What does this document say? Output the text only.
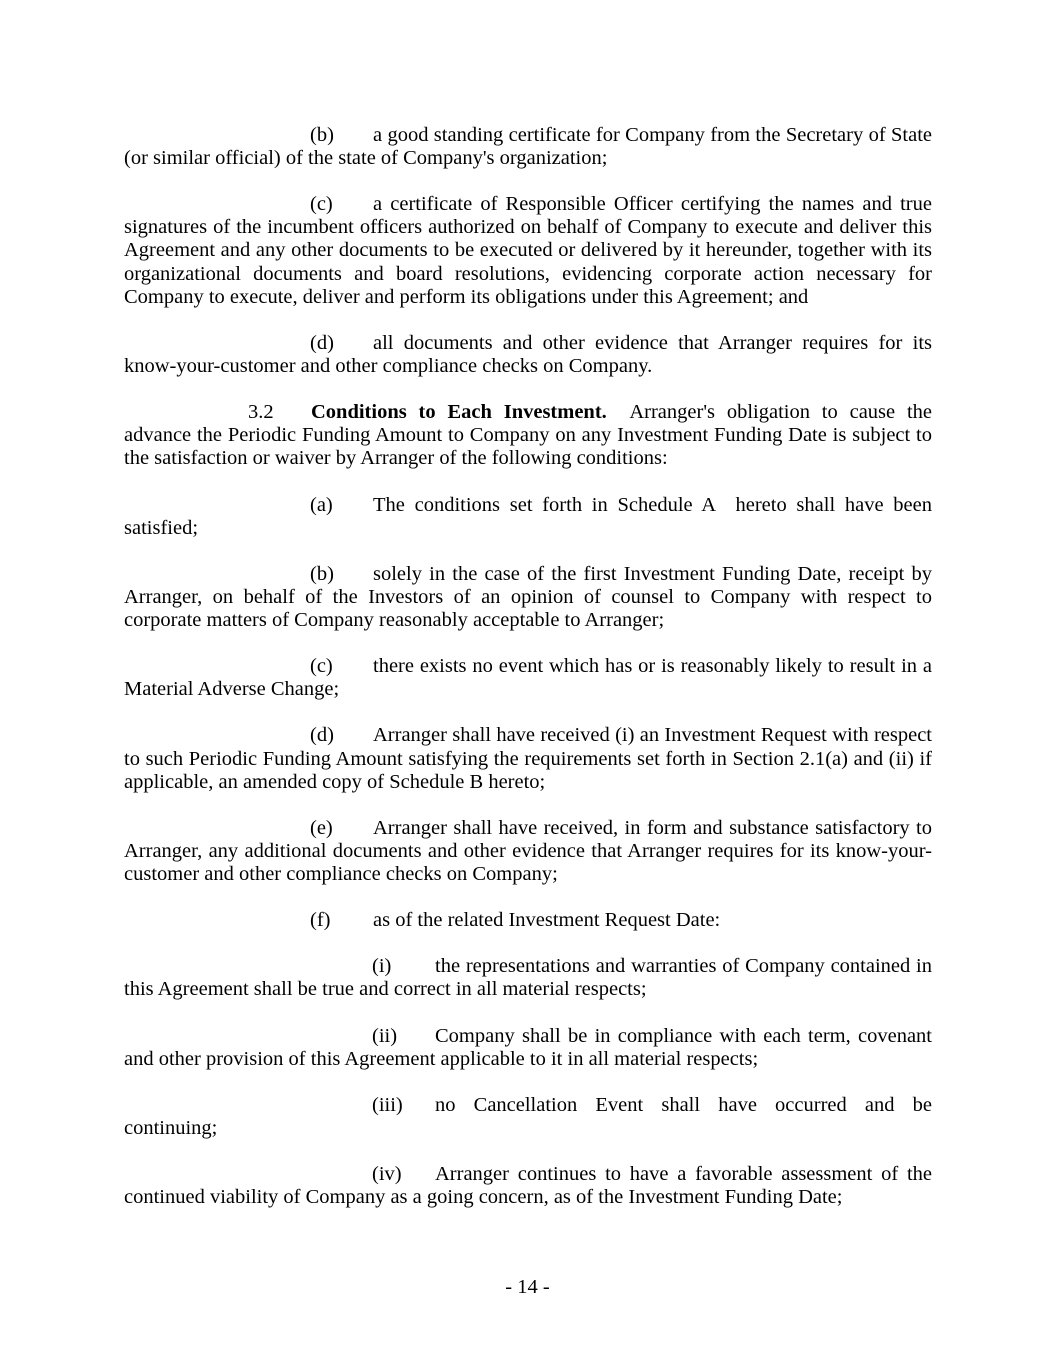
(b) a good standing certificate for Company from the Secretary of State (or similar official) of the state of Company's organization;

(c) a certificate of Responsible Officer certifying the names and true signatures of the incumbent officers authorized on behalf of Company to execute and deliver this Agreement and any other documents to be executed or delivered by it hereunder, together with its organizational documents and board resolutions, evidencing corporate action necessary for Company to execute, deliver and perform its obligations under this Agreement; and

(d) all documents and other evidence that Arranger requires for its know-your-customer and other compliance checks on Company.

3.2 Conditions to Each Investment.  Arranger's obligation to cause the advance the Periodic Funding Amount to Company on any Investment Funding Date is subject to the satisfaction or waiver by Arranger of the following conditions:

(a) The conditions set forth in Schedule A  hereto shall have been satisfied;

(b) solely in the case of the first Investment Funding Date, receipt by Arranger, on behalf of the Investors of an opinion of counsel to Company with respect to corporate matters of Company reasonably acceptable to Arranger;

(c) there exists no event which has or is reasonably likely to result in a Material Adverse Change;

(d) Arranger shall have received (i) an Investment Request with respect to such Periodic Funding Amount satisfying the requirements set forth in Section 2.1(a) and (ii) if applicable, an amended copy of Schedule B hereto;

(e) Arranger shall have received, in form and substance satisfactory to Arranger, any additional documents and other evidence that Arranger requires for its know-your-customer and other compliance checks on Company;

(f) as of the related Investment Request Date:

(i) the representations and warranties of Company contained in this Agreement shall be true and correct in all material respects;

(ii) Company shall be in compliance with each term, covenant and other provision of this Agreement applicable to it in all material respects;

(iii) no Cancellation Event shall have occurred and be continuing;

(iv) Arranger continues to have a favorable assessment of the continued viability of Company as a going concern, as of the Investment Funding Date;

- 14 -
